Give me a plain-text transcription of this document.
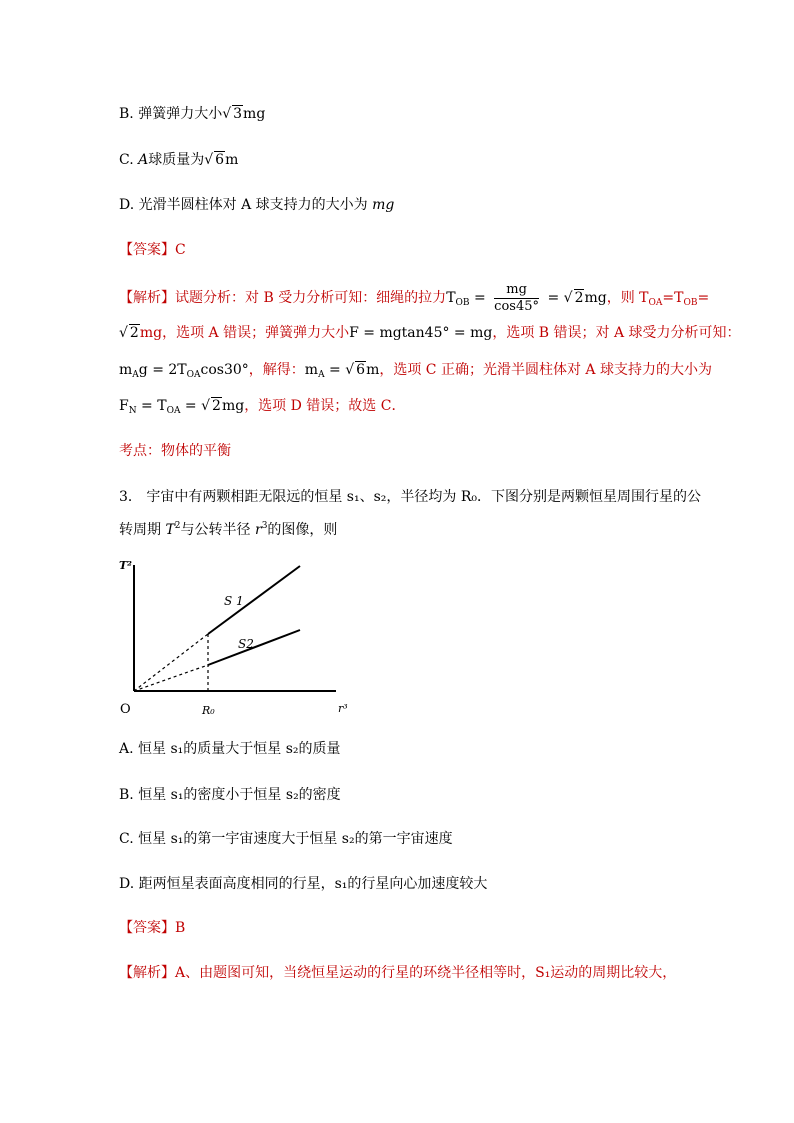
B. 弹簧弹力大小√ 3mg
C. A球质量为√ 6m
D. 光滑半圆柱体对 A 球支持力的大小为 mg
【答案】C
【解析】试题分析：对 B 受力分析可知：细绳的拉力$T_{OB} = \frac{mg}{\cos 45^\circ}$ = √ 2mg，则 $T_{OA}=T_{OB}=$
√ 2mg，选项 A 错误；弹簧弹力大小F = mgtan45° = mg，选项 B 错误；对 A 球受力分析可知：
$m_Ag = 2T_{OA}\cos 30^\circ$，解得：$m_A$ = √ 6m，选项 C 正确；光滑半圆柱体对 A 球支持力的大小为
$F_N = T_{OA}$ = √ 2mg，选项 D 错误；故选 C．
考点：物体的平衡
3． 宇宙中有两颗相距无限远的恒星 s₁、s₂，半径均为 R₀．下图分别是两颗恒星周围行星的公
转周期 $T^2$与公转半径 $r^3$的图像，则
T²
r³
O	R₀
S 1
S2
A. 恒星 s₁的质量大于恒星 s₂的质量
B. 恒星 s₁的密度小于恒星 s₂的密度
C. 恒星 s₁的第一宇宙速度大于恒星 s₂的第一宇宙速度
D. 距两恒星表面高度相同的行星，s₁的行星向心加速度较大
【答案】B
【解析】A、由题图可知，当绕恒星运动的行星的环绕半径相等时，S₁运动的周期比较大，
